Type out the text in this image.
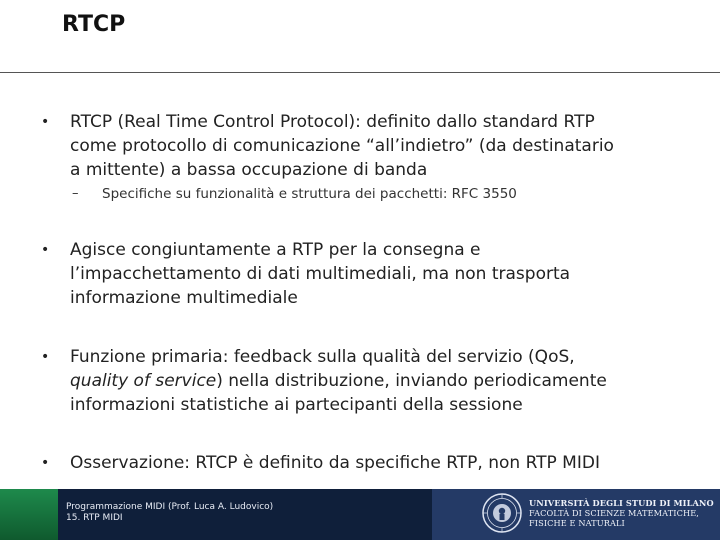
RTCP
• RTCP (Real Time Control Protocol): definito dallo standard RTP
come protocollo di comunicazione “all’indietro” (da destinatario
a mittente) a bassa occupazione di banda
– Specifiche su funzionalità e struttura dei pacchetti: RFC 3550
• Agisce congiuntamente a RTP per la consegna e
l’impacchettamento di dati multimediali, ma non trasporta
informazione multimediale
• Funzione primaria: feedback sulla qualità del servizio (QoS,
quality of service) nella distribuzione, inviando periodicamente
informazioni statistiche ai partecipanti della sessione
• Osservazione: RTCP è definito da specifiche RTP, non RTP MIDI
Programmazione MIDI (Prof. Luca A. Ludovico)
15. RTP MIDI
UNIVERSITÀ DEGLI STUDI DI MILANO
FACOLTÀ DI SCIENZE MATEMATICHE,
FISICHE E NATURALI
